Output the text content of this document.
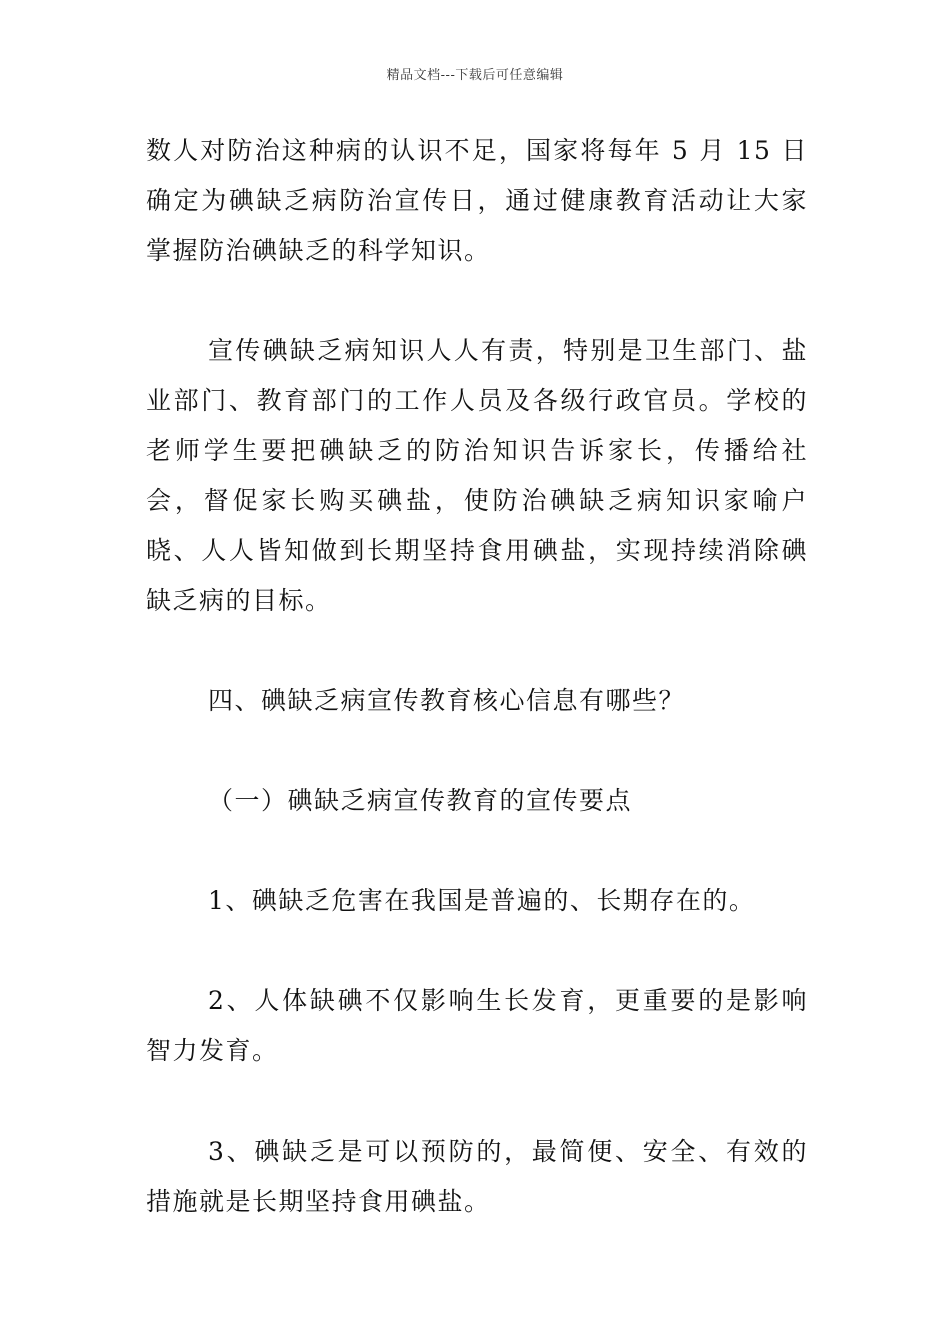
精品文档---下载后可任意编辑

数人对防治这种病的认识不足，国家将每年 5 月 15 日确定为碘缺乏病防治宣传日，通过健康教育活动让大家掌握防治碘缺乏的科学知识。

宣传碘缺乏病知识人人有责，特别是卫生部门、盐业部门、教育部门的工作人员及各级行政官员。学校的老师学生要把碘缺乏的防治知识告诉家长，传播给社会，督促家长购买碘盐，使防治碘缺乏病知识家喻户晓、人人皆知做到长期坚持食用碘盐，实现持续消除碘缺乏病的目标。

四、碘缺乏病宣传教育核心信息有哪些？

（一）碘缺乏病宣传教育的宣传要点

1、碘缺乏危害在我国是普遍的、长期存在的。

2、人体缺碘不仅影响生长发育，更重要的是影响智力发育。

3、碘缺乏是可以预防的，最简便、安全、有效的措施就是长期坚持食用碘盐。
